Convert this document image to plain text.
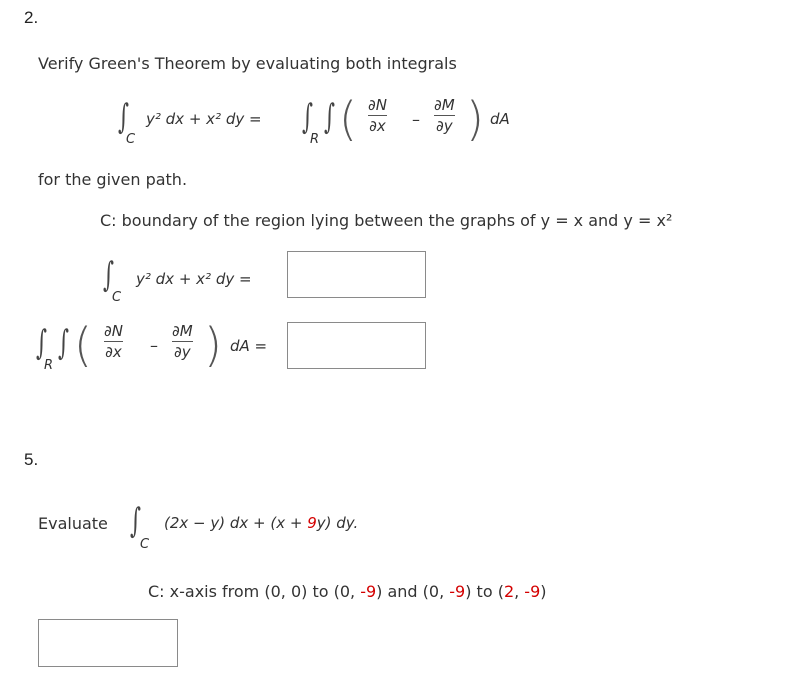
2.
Verify Green's Theorem by evaluating both integrals
∫
C
y² dx + x² dy = ∫
R
∫ ( ∂N
∂x –
∂M
∂y ) dA
for the given path.
C: boundary of the region lying between the graphs of y = x and y = x²
∫
C
y² dx + x² dy =
∫
R
∫ ( ∂N
∂x –
∂M
∂y ) dA =
5.
Evaluate ∫
C
(2x − y) dx + (x + 9y) dy.
C: x-axis from (0, 0) to (0, -9) and (0, -9) to (2, -9)
